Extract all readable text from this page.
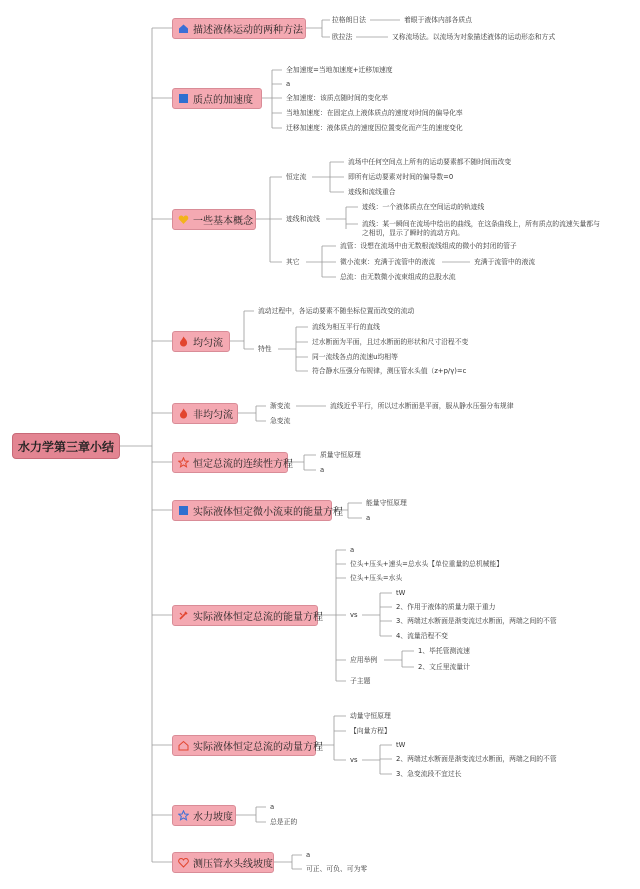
水力学第三章小结
描述液体运动的两种方法
质点的加速度
一些基本概念
均匀流
非均匀流
恒定总流的连续性方程
实际液体恒定微小流束的能量方程
实际液体恒定总流的能量方程
实际液体恒定总流的动量方程
水力坡度
测压管水头线坡度
拉格朗日法	着眼于液体内部各质点
欧拉法	又称流场法。以流场为对象描述液体的运动形态和方式
全加速度=当地加速度+迁移加速度
a
全加速度：该质点随时间的变化率
当地加速度：在固定点上液体质点的速度对时间的偏导化率
迁移加速度：液体质点的速度因位置变化而产生的速度变化
恒定流
流场中任何空间点上所有的运动要素都不随时间而改变
即所有运动要素对时间的偏导数=0
迹线和流线重合
迹线和流线
迹线：一个液体质点在空间运动的轨迹线
流线：某一瞬间在流场中绘出的曲线，在这条曲线上，所有质点的流速矢量都与
之相切，显示了瞬时的流动方向。
其它
流管：设想在流场中由无数根流线组成的微小的封闭的管子
微小流束：充满于流管中的液流	充满于流管中的液流
总流：由无数微小流束组成的总股水流
流动过程中，各运动要素不随坐标位置而改变的流动
特性
流线为相互平行的直线
过水断面为平面，且过水断面的形状和尺寸沿程不变
同一流线各点的流速u均相等
符合静水压强分布规律，测压管水头值（z+p/γ)=c
渐变流	流线近乎平行，所以过水断面是平面，服从静水压强分布规律
急变流
质量守恒原理
a
能量守恒原理
a
a
位头+压头+速头=总水头【单位重量的总机械能】
位头+压头=水头
vs
tW
2、作用于液体的质量力限于重力
3、两端过水断面是渐变流过水断面，两端之间的不管
4、流量沿程不变
应用举例
1、毕托管测流速
2、文丘里流量计
子主题
动量守恒原理
【向量方程】
vs
tW
2、两端过水断面是渐变流过水断面，两端之间的不管
3、急变流段不宜过长
a
总是正的
a
可正、可负、可为零
